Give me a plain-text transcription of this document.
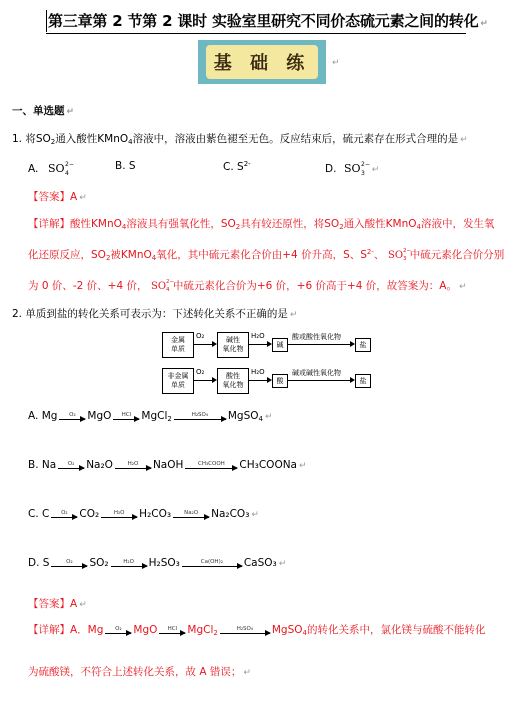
第三章第 2 节第 2 课时 实验室里研究不同价态硫元素之间的转化 ↵
基 础 练	↵
一、单选题 ↵
1. 将$SO_2$通入酸性KMnO$_4$溶液中，溶液由紫色褪至无色。反应结束后，硫元素存在形式合理的是 ↵
A. SO 4
2−	B. S	C. $S^{2-}$	D. SO 3
2−
↵
【答案】A ↵
【详解】酸性KMnO$_4$溶液具有强氧化性，$SO_2$具有较还原性，将$SO_2$通入酸性KMnO$_4$溶液中，发生氧
化还原反应，$SO_2$被KMnO$_4$氧化，其中硫元素化合价由+4 价升高，S、$S^{2-}$、 SO 3
2−
中硫元素化合价分别
为 0 价、-2 价、+4 价， SO 4
2−
中硫元素化合价为+6 价，+6 价高于+4 价，故答案为：A。 ↵
2. 单质到盐的转化关系可表示为：下述转化关系不正确的是 ↵
金属
单质
O₂	碱性
氧化物
H₂O
碱
酸或酸性氧化物
盐
非金属
单质
O₂	酸性
氧化物
H₂O
酸
碱或碱性氧化物
盐
A. Mg O₂ MgO HCl MgCl$_2$	H₂SO₄ MgSO$_4$ ↵
B. Na O₂ Na₂O	H₂O NaOH	CH₃COOH CH₃COONa ↵
C. C O₂ CO₂	H₂O H₂CO₃ Na₂O Na₂CO₃ ↵
D. S	O₂ SO₂	H₂O H₂SO₃	Ca(OH)₂ CaSO₃ ↵
【答案】A ↵
【详解】A．Mg O₂ MgO HCl MgCl$_2$	H₂SO₄ MgSO$_4$的转化关系中，氯化镁与硫酸不能转化
为硫酸镁，不符合上述转化关系，故 A 错误； ↵
